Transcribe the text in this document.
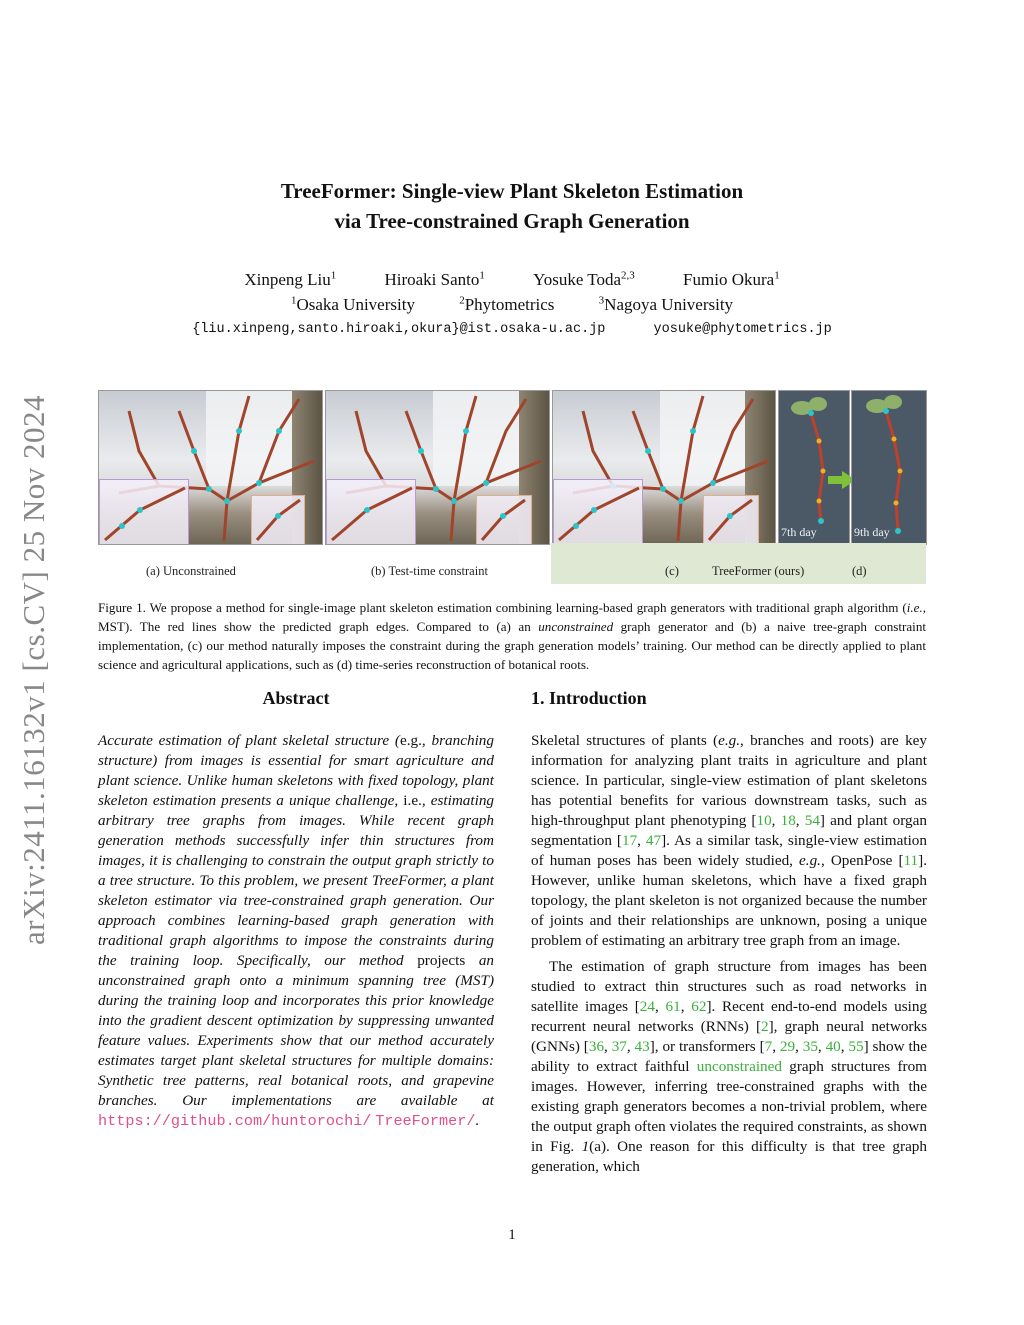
TreeFormer: Single-view Plant Skeleton Estimation
via Tree-constrained Graph Generation
Xinpeng Liu$^1$	Hiroaki Santo$^1$	Yosuke Toda$^{2,3}$	Fumio Okura$^1$
$^1$Osaka University	$^2$Phytometrics	$^3$Nagoya University
{liu.xinpeng,santo.hiroaki,okura}@ist.osaka-u.ac.jp	yosuke@phytometrics.jp
arXiv:2411.16132v1 [cs.CV] 25 Nov 2024	7th day	9th day
(a) Unconstrained	(b) Test-time constraint	(c)	TreeFormer (ours)	(d)

Figure 1. We propose a method for single-image plant skeleton estimation combining learning-based graph generators with traditional graph algorithm (i.e., MST). The red lines show the predicted graph edges. Compared to (a) an unconstrained graph generator and (b) a naive tree-graph constraint implementation, (c) our method naturally imposes the constraint during the graph generation models’ training. Our method can be directly applied to plant science and agricultural applications, such as (d) time-series reconstruction of botanical roots.

Abstract

Accurate estimation of plant skeletal structure (e.g., branching structure) from images is essential for smart agriculture and plant science. Unlike human skeletons with fixed topology, plant skeleton estimation presents a unique challenge, i.e., estimating arbitrary tree graphs from images. While recent graph generation methods successfully infer thin structures from images, it is challenging to constrain the output graph strictly to a tree structure. To this problem, we present TreeFormer, a plant skeleton estimator via tree-constrained graph generation. Our approach combines learning-based graph generation with traditional graph algorithms to impose the constraints during the training loop. Specifically, our method projects an unconstrained graph onto a minimum spanning tree (MST) during the training loop and incorporates this prior knowledge into the gradient descent optimization by suppressing unwanted feature values. Experiments show that our method accurately estimates target plant skeletal structures for multiple domains: Synthetic tree patterns, real botanical roots, and grapevine branches. Our implementations are available at https://github.com/huntorochi/ TreeFormer/.

1. Introduction

Skeletal structures of plants (e.g., branches and roots) are key information for analyzing plant traits in agriculture and plant science. In particular, single-view estimation of plant skeletons has potential benefits for various downstream tasks, such as high-throughput plant phenotyping [10, 18, 54] and plant organ segmentation [17, 47]. As a similar task, single-view estimation of human poses has been widely studied, e.g., OpenPose [11]. However, unlike human skeletons, which have a fixed graph topology, the plant skeleton is not organized because the number of joints and their relationships are unknown, posing a unique problem of estimating an arbitrary tree graph from an image.

The estimation of graph structure from images has been studied to extract thin structures such as road networks in satellite images [24, 61, 62]. Recent end-to-end models using recurrent neural networks (RNNs) [2], graph neural networks (GNNs) [36, 37, 43], or transformers [7, 29, 35, 40, 55] show the ability to extract faithful unconstrained graph structures from images. However, inferring tree-constrained graphs with the existing graph generators becomes a non-trivial problem, where the output graph often violates the required constraints, as shown in Fig. 1(a). One reason for this difficulty is that tree graph generation, which

1
